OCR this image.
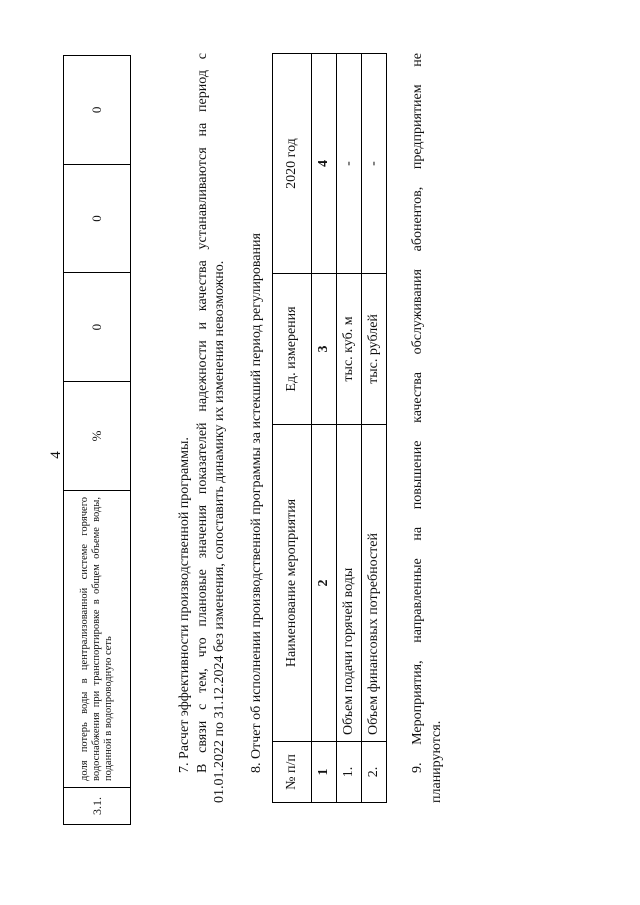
4
3.1.	доля потерь воды в централизованной системе горячего водоснабжения при транспортировке в общем объеме воды, поданной в водопроводную сеть	%	0	0	0
7. Расчет эффективности производственной программы. В связи с тем, что плановые значения показателей надежности и качества устанавливаются на период с 01.01.2022 по 31.12.2024 без изменения, сопоставить динамику их изменения невозможно. 8. Отчет об исполнении производственной программы за истекший период регулирования № п/п	Наименование мероприятия	Ед. измерения	2020 год
1	2	3	4
1.	Объем подачи горячей воды	тыс. куб. м	-
2.	Объем финансовых потребностей	тыс. рублей	- 9. Мероприятия, направленные на повышение качества обслуживания абонентов, предприятием не планируются.
